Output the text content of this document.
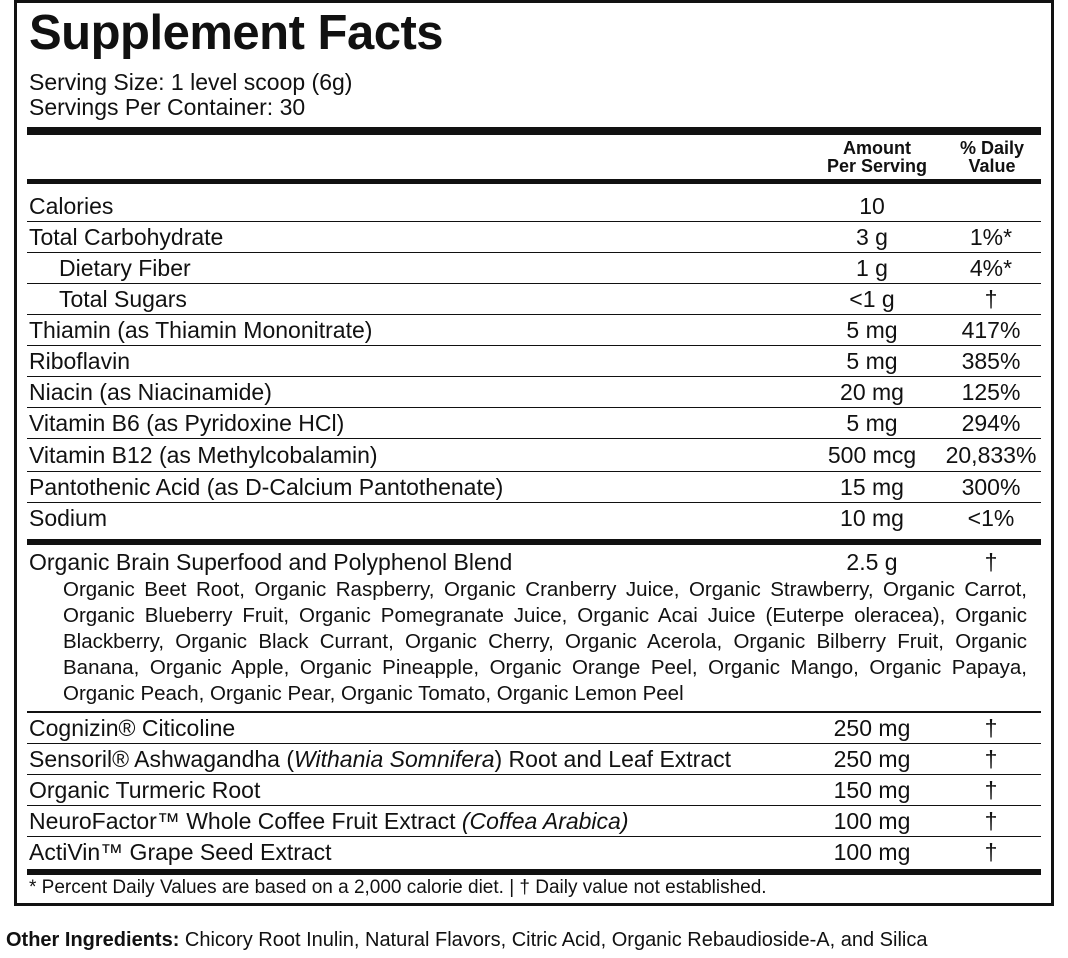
Supplement Facts
Serving Size: 1 level scoop (6g)
Servings Per Container: 30
Amount
Per Serving
% Daily
Value
Calories	10
Total Carbohydrate	3 g	1%*
Dietary Fiber	1 g	4%*
Total Sugars	<1 g	†
Thiamin (as Thiamin Mononitrate)	5 mg	417%
Riboflavin	5 mg	385%
Niacin (as Niacinamide)	20 mg	125%
Vitamin B6 (as Pyridoxine HCl)	5 mg	294%
Vitamin B12 (as Methylcobalamin)	500 mcg	20,833%
Pantothenic Acid (as D-Calcium Pantothenate)	15 mg	300%
Sodium	10 mg	<1%
Organic Brain Superfood and Polyphenol Blend	2.5 g	†
Organic Beet Root, Organic Raspberry, Organic Cranberry Juice, Organic Strawberry, Organic Carrot, Organic Blueberry Fruit, Organic Pomegranate Juice, Organic Acai Juice (Euterpe oleracea), Organic Blackberry, Organic Black Currant, Organic Cherry, Organic Acerola, Organic Bilberry Fruit, Organic Banana, Organic Apple, Organic Pineapple, Organic Orange Peel, Organic Mango, Organic Papaya, Organic Peach, Organic Pear, Organic Tomato, Organic Lemon Peel
Cognizin® Citicoline	250 mg	†
Sensoril® Ashwagandha (Withania Somnifera) Root and Leaf Extract	250 mg	†
Organic Turmeric Root	150 mg	†
NeuroFactor™ Whole Coffee Fruit Extract (Coffea Arabica)	100 mg	†
ActiVin™ Grape Seed Extract	100 mg	†
* Percent Daily Values are based on a 2,000 calorie diet. | † Daily value not established.
Other Ingredients: Chicory Root Inulin, Natural Flavors, Citric Acid, Organic Rebaudioside-A, and Silica
